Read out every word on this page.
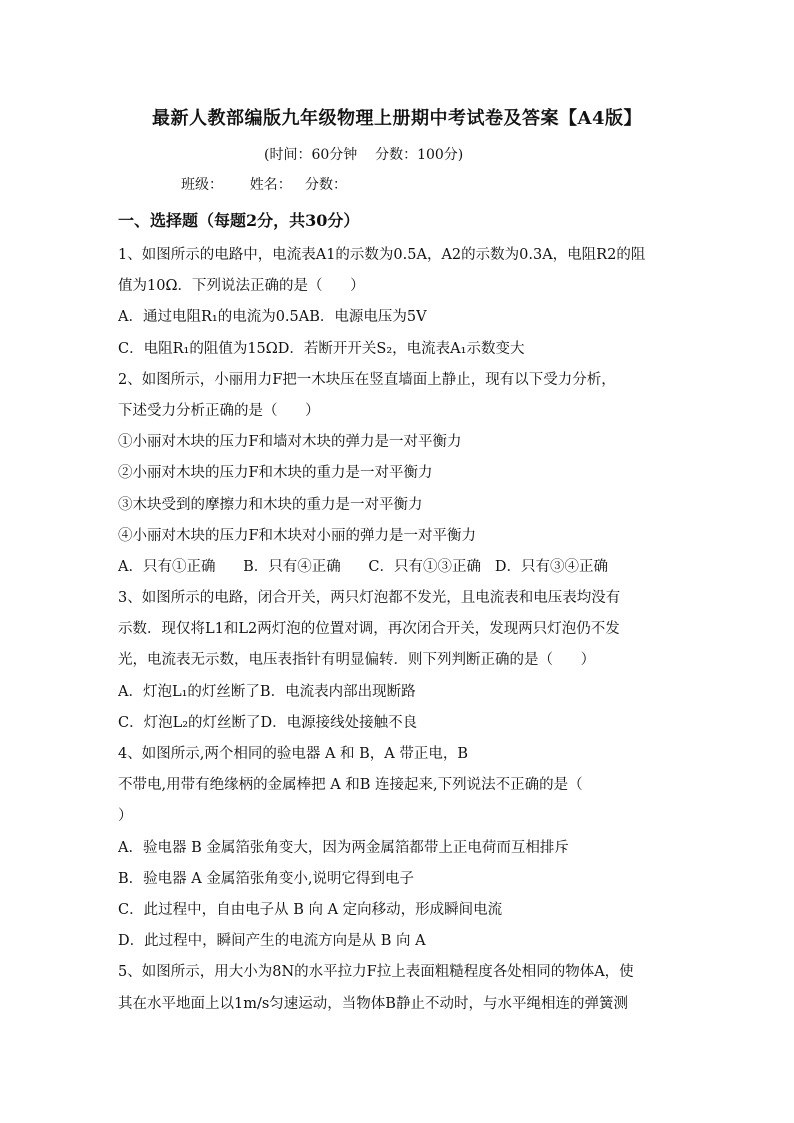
最新人教部编版九年级物理上册期中考试卷及答案【A4版】
(时间：60分钟    分数：100分)
班级：      姓名：   分数：
一、选择题（每题2分，共30分）
1、如图所示的电路中，电流表A1的示数为0.5A，A2的示数为0.3A，电阻R2的阻
值为10Ω．下列说法正确的是（      ）
A．通过电阻R₁的电流为0.5AB．电源电压为5V
C．电阻R₁的阻值为15ΩD．若断开开关S₂，电流表A₁示数变大
2、如图所示，小丽用力F把一木块压在竖直墙面上静止，现有以下受力分析，
下述受力分析正确的是（      ）
①小丽对木块的压力F和墙对木块的弹力是一对平衡力
②小丽对木块的压力F和木块的重力是一对平衡力
③木块受到的摩擦力和木块的重力是一对平衡力
④小丽对木块的压力F和木块对小丽的弹力是一对平衡力
A．只有①正确      B．只有④正确      C．只有①③正确   D．只有③④正确
3、如图所示的电路，闭合开关，两只灯泡都不发光，且电流表和电压表均没有
示数．现仅将L1和L2两灯泡的位置对调，再次闭合开关，发现两只灯泡仍不发
光，电流表无示数，电压表指针有明显偏转．则下列判断正确的是（      ）
A．灯泡L₁的灯丝断了B．电流表内部出现断路
C．灯泡L₂的灯丝断了D．电源接线处接触不良
4、如图所示,两个相同的验电器 A 和 B，A 带正电，B
不带电,用带有绝缘柄的金属棒把 A 和B 连接起来,下列说法不正确的是（
）
A．验电器 B 金属箔张角变大，因为两金属箔都带上正电荷而互相排斥
B．验电器 A 金属箔张角变小,说明它得到电子
C．此过程中，自由电子从 B 向 A 定向移动，形成瞬间电流
D．此过程中，瞬间产生的电流方向是从 B 向 A
5、如图所示，用大小为8N的水平拉力F拉上表面粗糙程度各处相同的物体A，使
其在水平地面上以1m/s匀速运动，当物体B静止不动时，与水平绳相连的弹簧测
